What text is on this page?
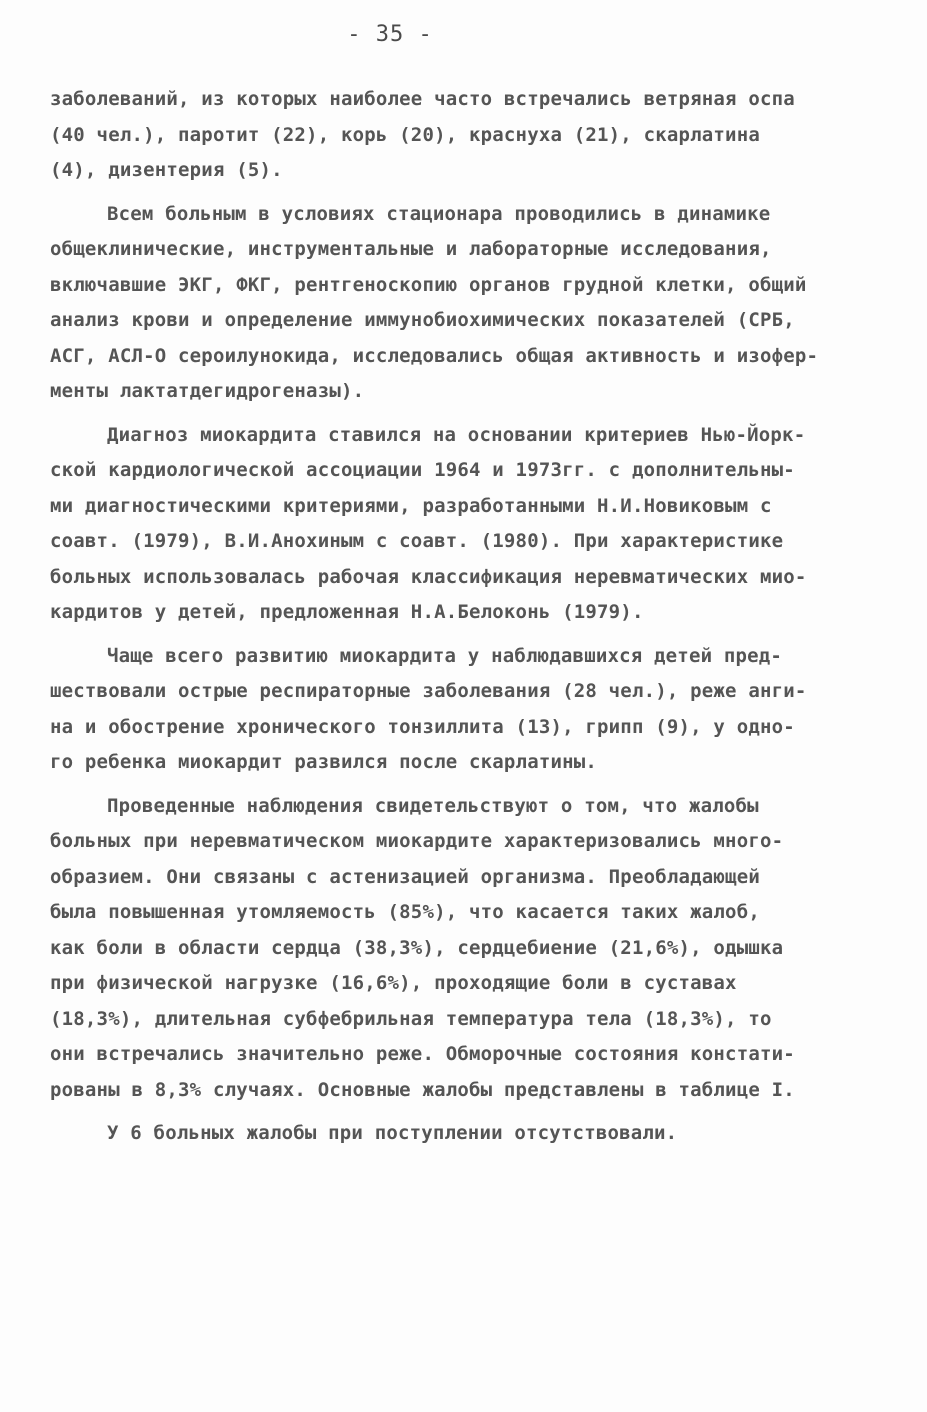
- 35 -
заболеваний, из которых наиболее часто встречались ветряная оспа
(40 чел.), паротит (22), корь (20), краснуха (21), скарлатина
(4), дизентерия (5).
Всем больным в условиях стационара проводились в динамике
общеклинические, инструментальные и лабораторные исследования,
включавшие ЭКГ, ФКГ, рентгеноскопию органов грудной клетки, общий
анализ крови и определение иммунобиохимических показателей (СРБ,
АСГ, АСЛ-О сероилунокида, исследовались общая активность и изофер-
менты лактатдегидрогеназы).
Диагноз миокардита ставился на основании критериев Нью-Йорк-
ской кардиологической ассоциации 1964 и 1973гг. с дополнительны-
ми диагностическими критериями, разработанными Н.И.Новиковым с
соавт. (1979), В.И.Анохиным с соавт. (1980). При характеристике
больных использовалась рабочая классификация неревматических мио-
кардитов у детей, предложенная Н.А.Белоконь (1979).
Чаще всего развитию миокардита у наблюдавшихся детей пред-
шествовали острые респираторные заболевания (28 чел.), реже анги-
на и обострение хронического тонзиллита (13), грипп (9), у одно-
го ребенка миокардит развился после скарлатины.
Проведенные наблюдения свидетельствуют о том, что жалобы
больных при неревматическом миокардите характеризовались много-
образием. Они связаны с астенизацией организма. Преобладающей
была повышенная утомляемость (85%), что касается таких жалоб,
как боли в области сердца (38,3%), сердцебиение (21,6%), одышка
при физической нагрузке (16,6%), проходящие боли в суставах
(18,3%), длительная субфебрильная температура тела (18,3%), то
они встречались значительно реже. Обморочные состояния констати-
рованы в 8,3% случаях. Основные жалобы представлены в таблице I.
У 6 больных жалобы при поступлении отсутствовали.
